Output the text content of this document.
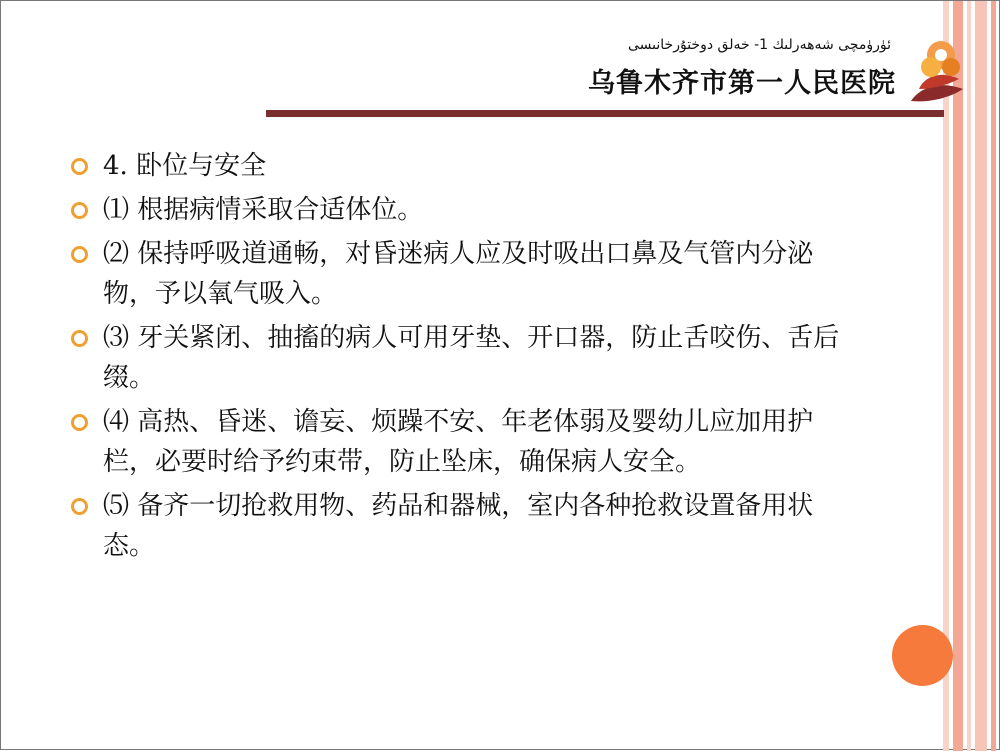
ئۈرۈمچى شەھەرلىك 1- خەلق دوختۇرخانىسى
乌鲁木齐市第一人民医院
4. 卧位与安全
⑴ 根据病情采取合适体位。
⑵ 保持呼吸道通畅，对昏迷病人应及时吸出口鼻及气管内分泌物，予以氧气吸入。
⑶ 牙关紧闭、抽搐的病人可用牙垫、开口器，防止舌咬伤、舌后缀。
⑷ 高热、昏迷、谵妄、烦躁不安、年老体弱及婴幼儿应加用护栏，必要时给予约束带，防止坠床，确保病人安全。
⑸ 备齐一切抢救用物、药品和器械，室内各种抢救设置备用状态。
